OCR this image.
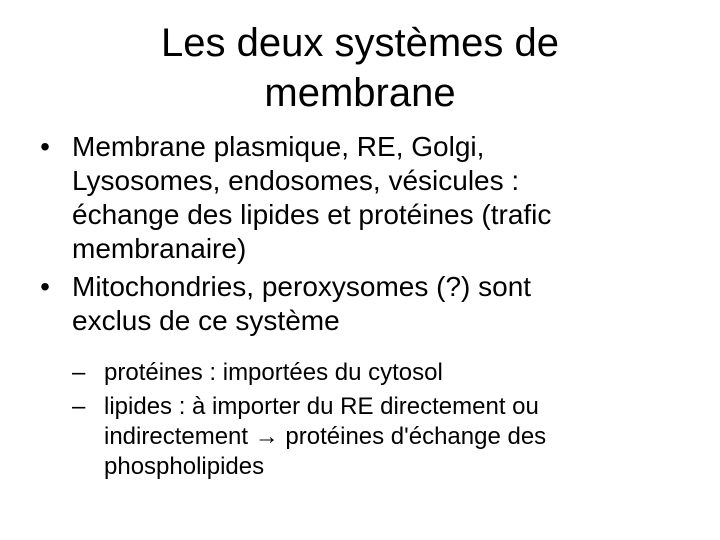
Les deux systèmes de
membrane
• Membrane plasmique, RE, Golgi,
Lysosomes, endosomes, vésicules :
échange des lipides et protéines (trafic
membranaire)
• Mitochondries, peroxysomes (?) sont
exclus de ce système
– protéines : importées du cytosol
– lipides : à importer du RE directement ou
indirectement → protéines d'échange des
phospholipides
